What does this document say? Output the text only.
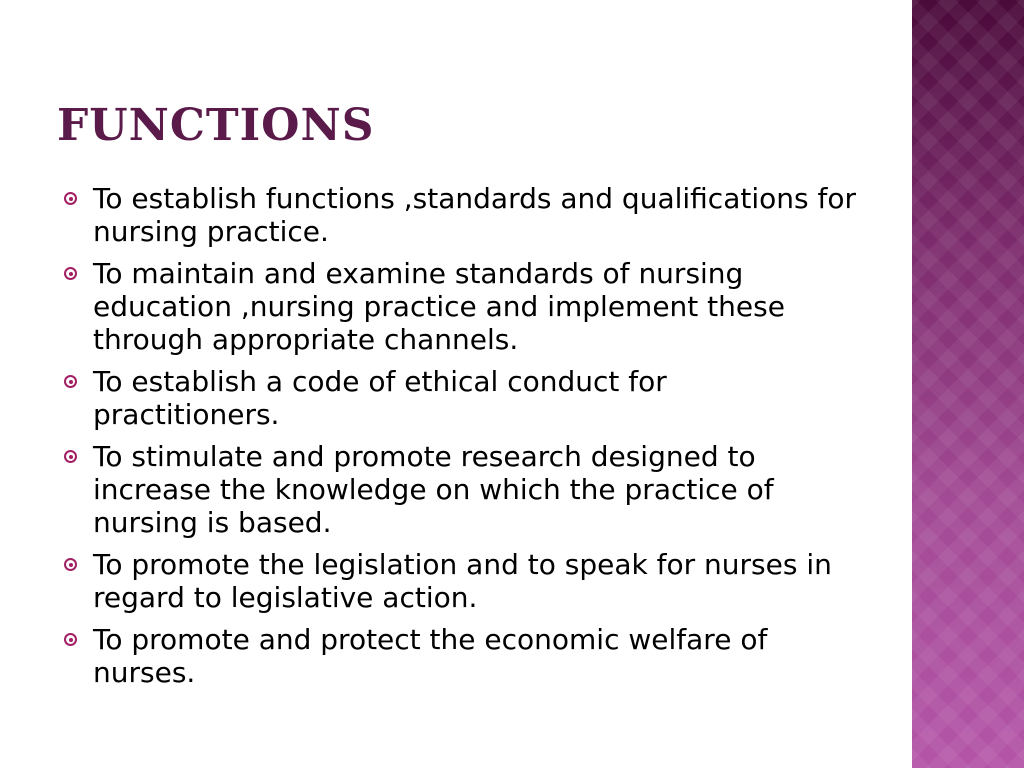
FUNCTIONS
To establish functions ,standards and qualifications for nursing practice.
To maintain and examine standards of nursing education ,nursing practice and implement these through appropriate channels.
To establish a code of ethical conduct for practitioners.
To stimulate and promote research designed to increase the knowledge on which the practice of nursing is based.
To promote the legislation and to speak for nurses in regard to legislative action.
To promote and protect the economic welfare of nurses.
